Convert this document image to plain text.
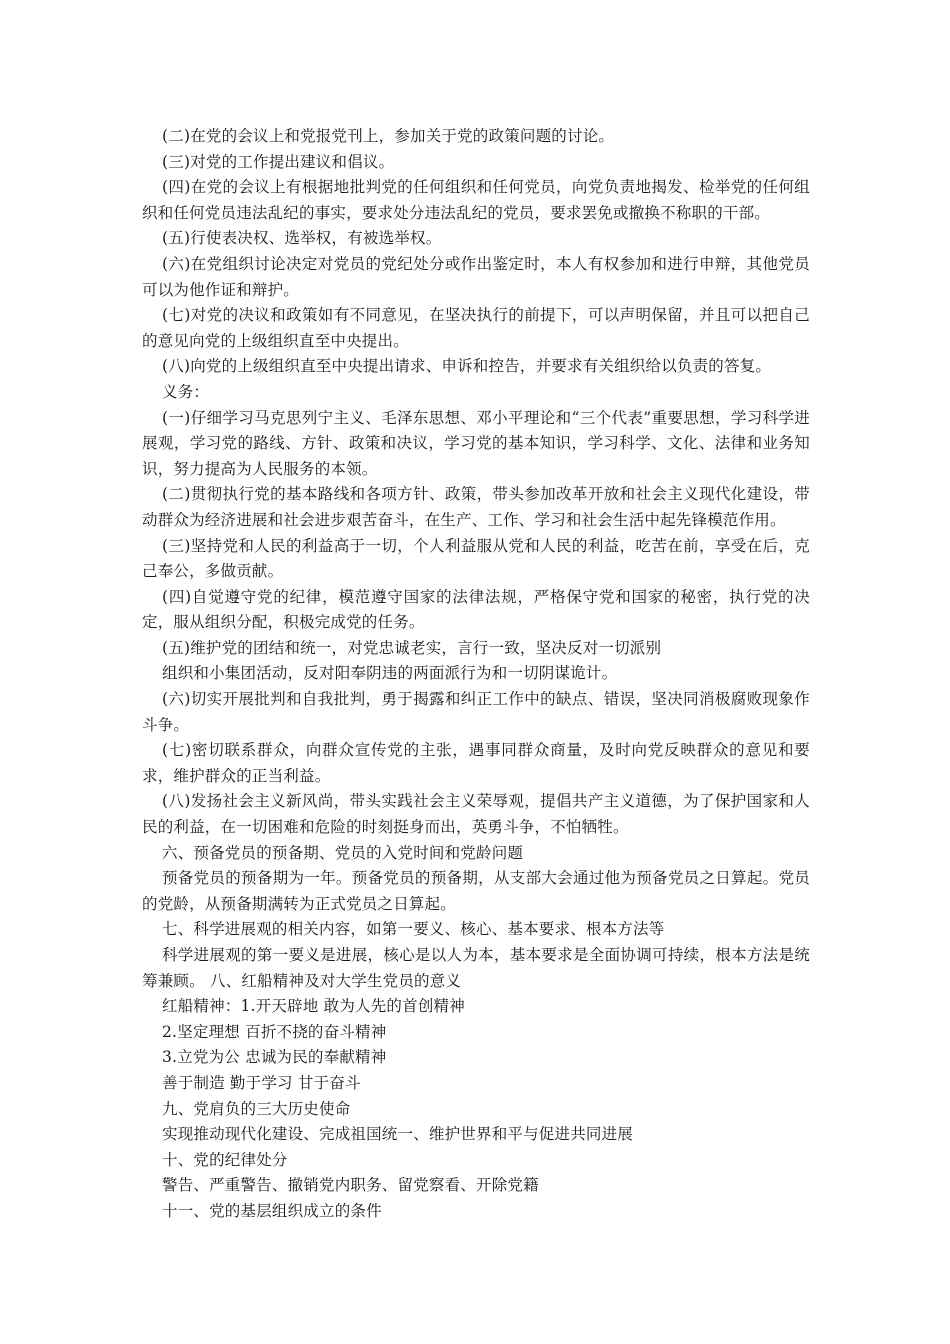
(二)在党的会议上和党报党刊上，参加关于党的政策问题的讨论。

(三)对党的工作提出建议和倡议。

(四)在党的会议上有根据地批判党的任何组织和任何党员，向党负责地揭发、检举党的任何组织和任何党员违法乱纪的事实，要求处分违法乱纪的党员，要求罢免或撤换不称职的干部。

(五)行使表决权、选举权，有被选举权。

(六)在党组织讨论决定对党员的党纪处分或作出鉴定时，本人有权参加和进行申辩，其他党员可以为他作证和辩护。

(七)对党的决议和政策如有不同意见，在坚决执行的前提下，可以声明保留，并且可以把自己的意见向党的上级组织直至中央提出。

(八)向党的上级组织直至中央提出请求、申诉和控告，并要求有关组织给以负责的答复。

义务：

(一)仔细学习马克思列宁主义、毛泽东思想、邓小平理论和“三个代表”重要思想，学习科学进展观，学习党的路线、方针、政策和决议，学习党的基本知识，学习科学、文化、法律和业务知识，努力提高为人民服务的本领。

(二)贯彻执行党的基本路线和各项方针、政策，带头参加改革开放和社会主义现代化建设，带动群众为经济进展和社会进步艰苦奋斗，在生产、工作、学习和社会生活中起先锋模范作用。

(三)坚持党和人民的利益高于一切，个人利益服从党和人民的利益，吃苦在前，享受在后，克己奉公，多做贡献。

(四)自觉遵守党的纪律，模范遵守国家的法律法规，严格保守党和国家的秘密，执行党的决定，服从组织分配，积极完成党的任务。

(五)维护党的团结和统一，对党忠诚老实，言行一致，坚决反对一切派别

组织和小集团活动，反对阳奉阴违的两面派行为和一切阴谋诡计。

(六)切实开展批判和自我批判，勇于揭露和纠正工作中的缺点、错误，坚决同消极腐败现象作斗争。

(七)密切联系群众，向群众宣传党的主张，遇事同群众商量，及时向党反映群众的意见和要求，维护群众的正当利益。

(八)发扬社会主义新风尚，带头实践社会主义荣辱观，提倡共产主义道德，为了保护国家和人民的利益，在一切困难和危险的时刻挺身而出，英勇斗争，不怕牺牲。

六、预备党员的预备期、党员的入党时间和党龄问题

预备党员的预备期为一年。预备党员的预备期，从支部大会通过他为预备党员之日算起。党员的党龄，从预备期满转为正式党员之日算起。

七、科学进展观的相关内容，如第一要义、核心、基本要求、根本方法等

科学进展观的第一要义是进展，核心是以人为本，基本要求是全面协调可持续，根本方法是统筹兼顾。 八、红船精神及对大学生党员的意义

红船精神：1.开天辟地 敢为人先的首创精神

2.坚定理想 百折不挠的奋斗精神

3.立党为公 忠诚为民的奉献精神

善于制造 勤于学习 甘于奋斗

九、党肩负的三大历史使命

实现推动现代化建设、完成祖国统一、维护世界和平与促进共同进展

十、党的纪律处分

警告、严重警告、撤销党内职务、留党察看、开除党籍

十一、党的基层组织成立的条件
